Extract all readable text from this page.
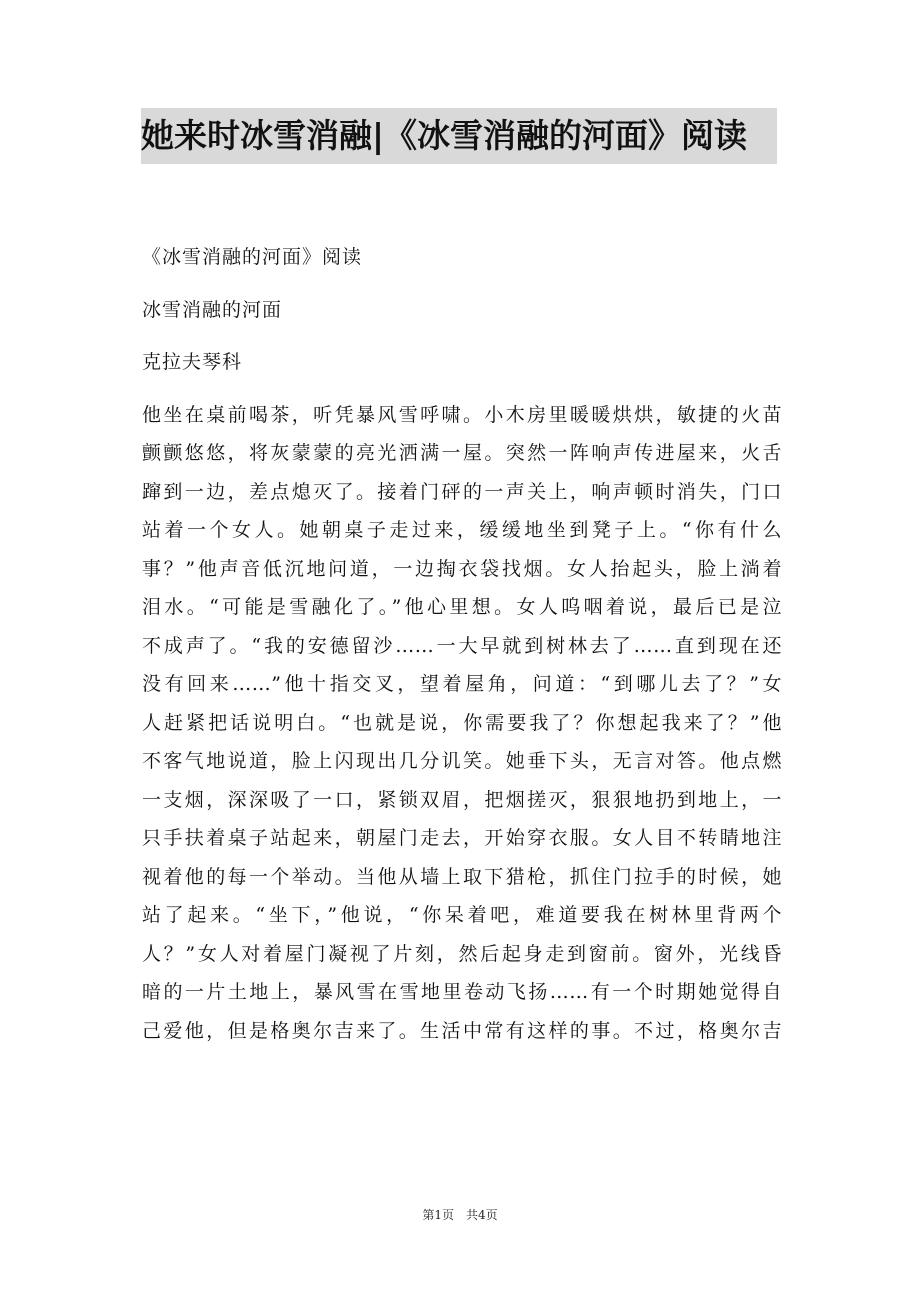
她来时冰雪消融|《冰雪消融的河面》阅读
《冰雪消融的河面》阅读
冰雪消融的河面
克拉夫琴科
他坐在桌前喝茶，听凭暴风雪呼啸。小木房里暖暖烘烘，敏捷的火苗
颤颤悠悠，将灰蒙蒙的亮光洒满一屋。突然一阵响声传进屋来，火舌
蹿到一边，差点熄灭了。接着门砰的一声关上，响声顿时消失，门口
站着一个女人。她朝桌子走过来，缓缓地坐到凳子上。“你有什么
事？”他声音低沉地问道，一边掏衣袋找烟。女人抬起头，脸上淌着
泪水。“可能是雪融化了。”他心里想。女人呜咽着说，最后已是泣
不成声了。“我的安德留沙……一大早就到树林去了……直到现在还
没有回来……”他十指交叉，望着屋角，问道：“到哪儿去了？”女
人赶紧把话说明白。“也就是说，你需要我了？你想起我来了？”他
不客气地说道，脸上闪现出几分讥笑。她垂下头，无言对答。他点燃
一支烟，深深吸了一口，紧锁双眉，把烟搓灭，狠狠地扔到地上，一
只手扶着桌子站起来，朝屋门走去，开始穿衣服。女人目不转睛地注
视着他的每一个举动。当他从墙上取下猎枪，抓住门拉手的时候，她
站了起来。“坐下，”他说，“你呆着吧，难道要我在树林里背两个
人？”女人对着屋门凝视了片刻，然后起身走到窗前。窗外，光线昏
暗的一片土地上，暴风雪在雪地里卷动飞扬……有一个时期她觉得自
己爱他，但是格奥尔吉来了。生活中常有这样的事。不过，格奥尔吉
第1页　共4页
